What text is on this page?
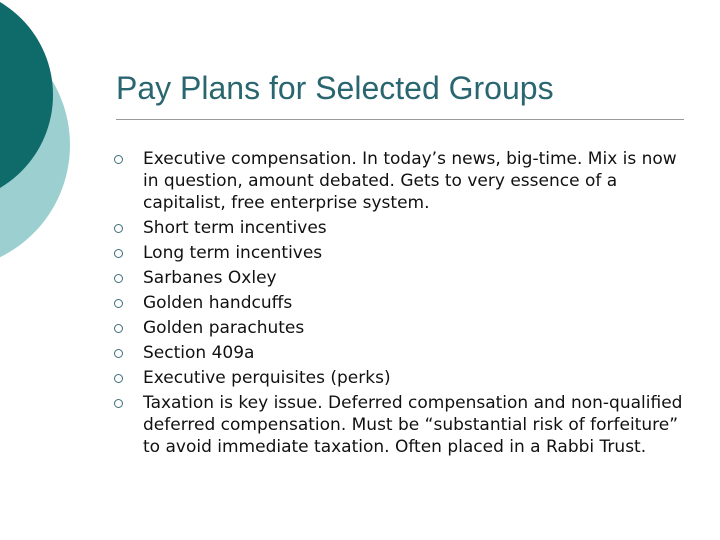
Pay Plans for Selected Groups
Executive compensation. In today’s news, big-time. Mix is now in question, amount debated. Gets to very essence of a capitalist, free enterprise system.
Short term incentives
Long term incentives
Sarbanes Oxley
Golden handcuffs
Golden parachutes
Section 409a
Executive perquisites (perks)
Taxation is key issue. Deferred compensation and non-qualified deferred compensation. Must be “substantial risk of forfeiture” to avoid immediate taxation. Often placed in a Rabbi Trust.
